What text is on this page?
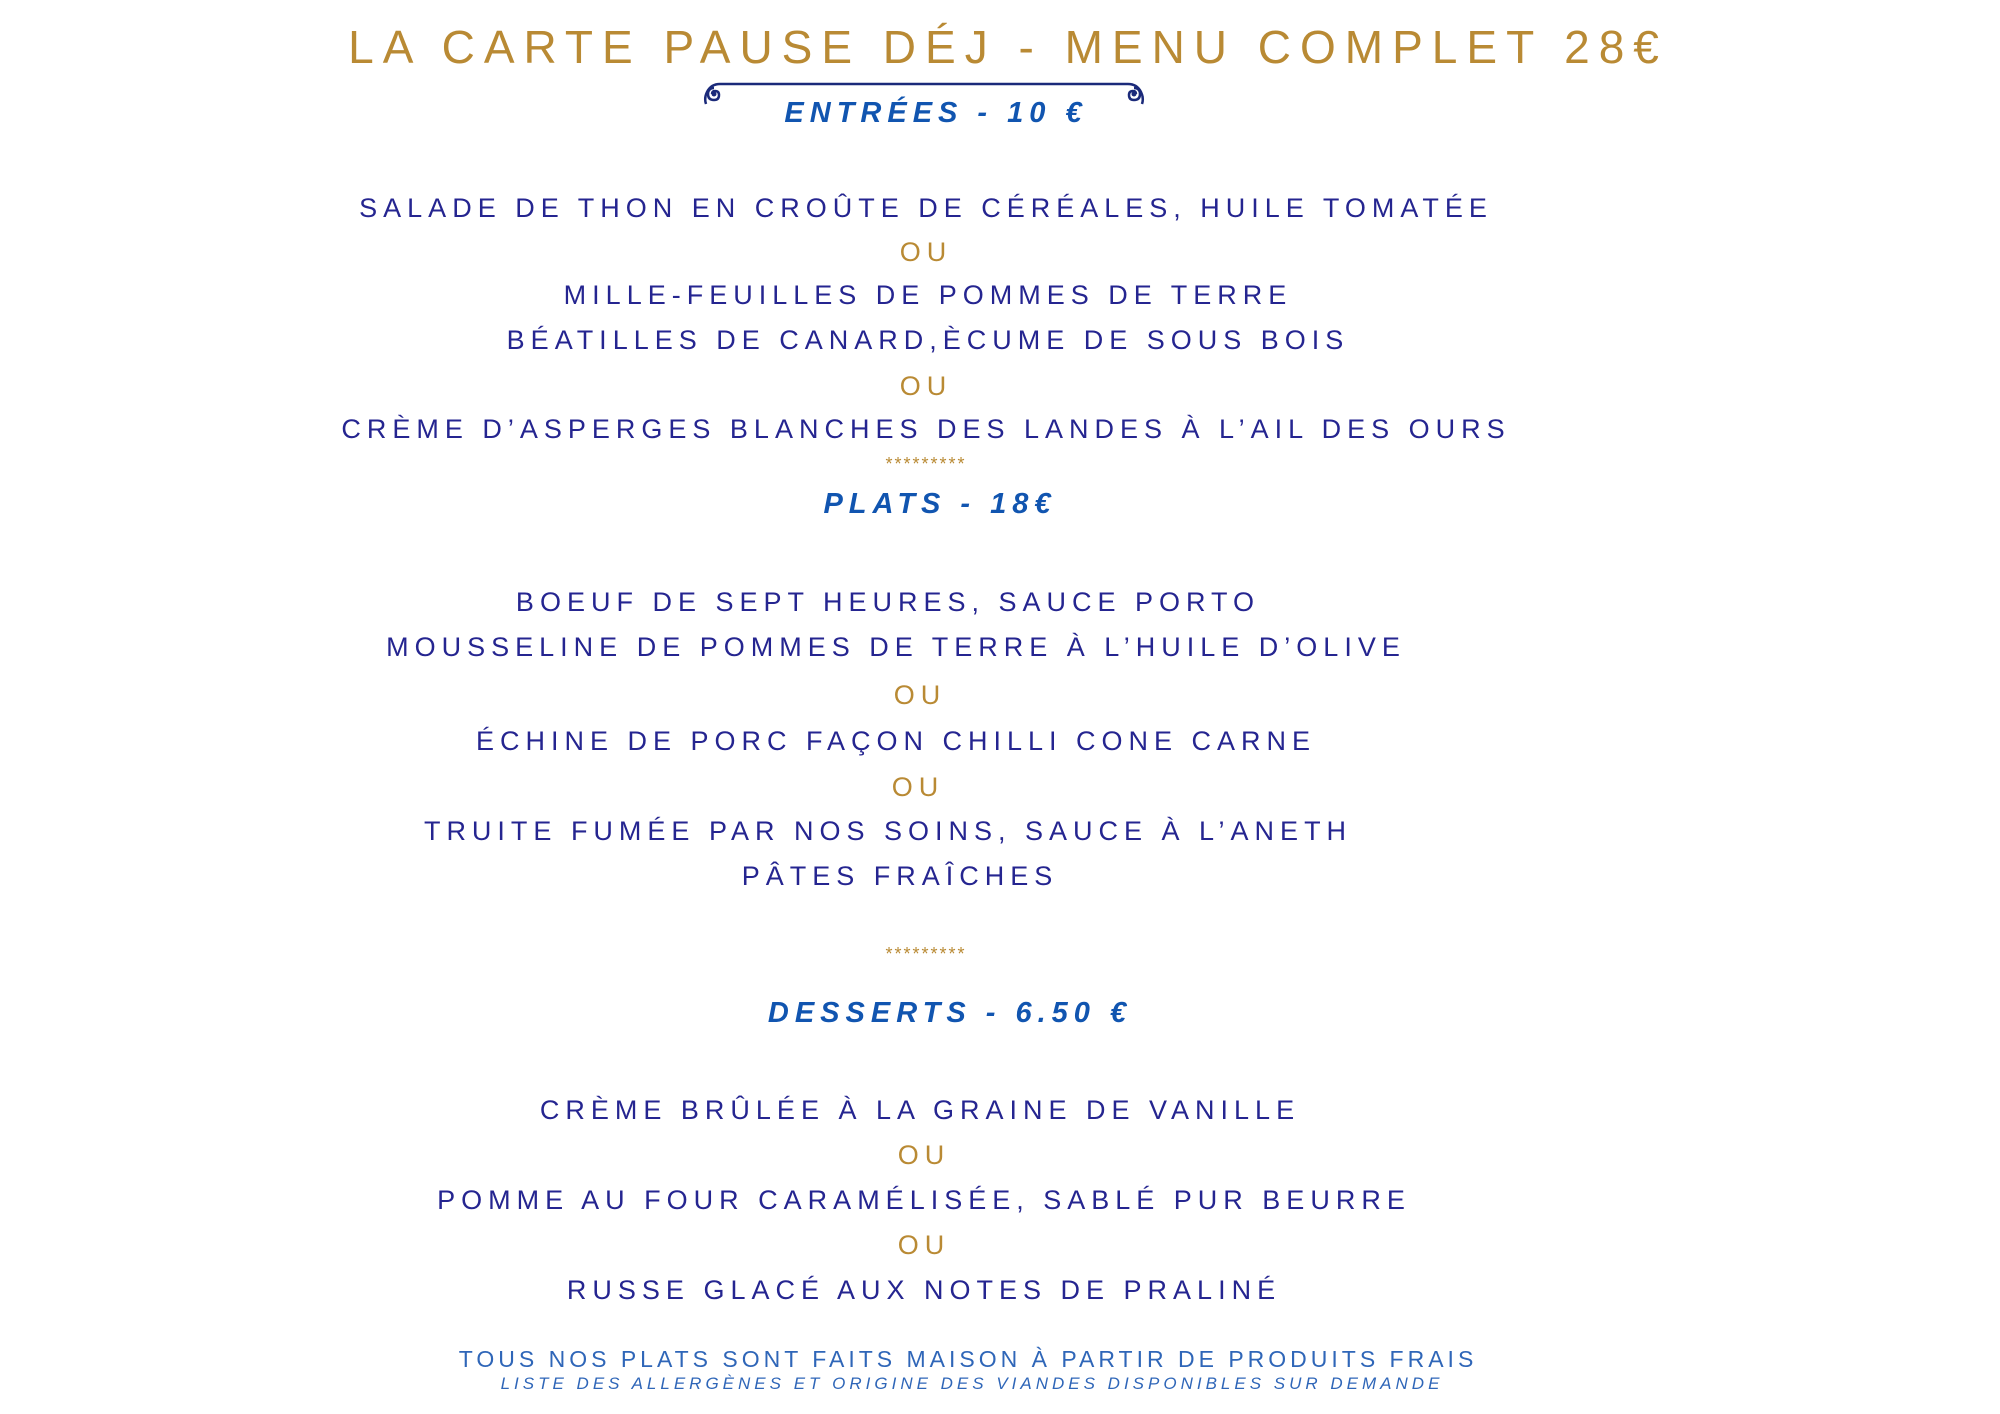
LA CARTE PAUSE DÉJ - MENU COMPLET 28€
ENTRÉES - 10 €
SALADE DE THON EN CROÛTE DE CÉRÉALES, HUILE TOMATÉE
OU
MILLE-FEUILLES DE POMMES DE TERRE
BÉATILLES DE CANARD,ÈCUME DE SOUS BOIS
OU
CRÈME D’ASPERGES BLANCHES DES LANDES À L’AIL DES OURS
*********
PLATS - 18€
BOEUF DE SEPT HEURES, SAUCE PORTO
MOUSSELINE DE POMMES DE TERRE À L’HUILE D’OLIVE
OU
ÉCHINE DE PORC FAÇON CHILLI CONE CARNE
OU
TRUITE FUMÉE PAR NOS SOINS, SAUCE À L’ANETH
PÂTES FRAÎCHES
*********
DESSERTS - 6.50 €
CRÈME BRÛLÉE À LA GRAINE DE VANILLE
OU
POMME AU FOUR CARAMÉLISÉE, SABLÉ PUR BEURRE
OU
RUSSE GLACÉ AUX NOTES DE PRALINÉ
TOUS NOS PLATS SONT FAITS MAISON À PARTIR DE PRODUITS FRAIS
LISTE DES ALLERGÈNES ET ORIGINE DES VIANDES DISPONIBLES SUR DEMANDE
